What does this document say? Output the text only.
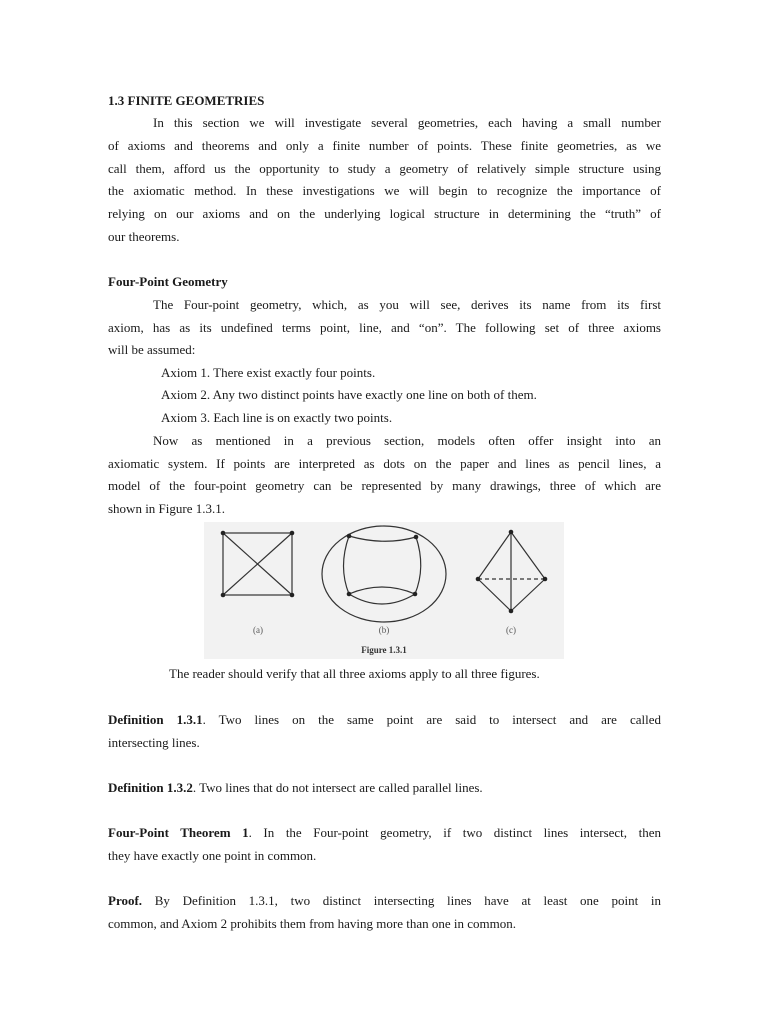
1.3 FINITE GEOMETRIES
In this section we will investigate several geometries, each having a small number
of axioms and theorems and only a finite number of points. These finite geometries, as we
call them, afford us the opportunity to study a geometry of relatively simple structure using
the axiomatic method. In these investigations we will begin to recognize the importance of
relying on our axioms and on the underlying logical structure in determining the “truth” of
our theorems.
Four-Point Geometry
The Four-point geometry, which, as you will see, derives its name from its first
axiom, has as its undefined terms point, line, and “on”. The following set of three axioms
will be assumed:
Axiom 1. There exist exactly four points.
Axiom 2. Any two distinct points have exactly one line on both of them.
Axiom 3. Each line is on exactly two points.
Now as mentioned in a previous section, models often offer insight into an
axiomatic system. If points are interpreted as dots on the paper and lines as pencil lines, a
model of the four-point geometry can be represented by many drawings, three of which are
shown in Figure 1.3.1.
The reader should verify that all three axioms apply to all three figures.
Definition 1.3.1. Two lines on the same point are said to intersect and are called
intersecting lines.
Definition 1.3.2. Two lines that do not intersect are called parallel lines.
Four-Point Theorem 1. In the Four-point geometry, if two distinct lines intersect, then
they have exactly one point in common.
Proof. By Definition 1.3.1, two distinct intersecting lines have at least one point in
common, and Axiom 2 prohibits them from having more than one in common.
(a)	(b)	(c)
Figure 1.3.1
